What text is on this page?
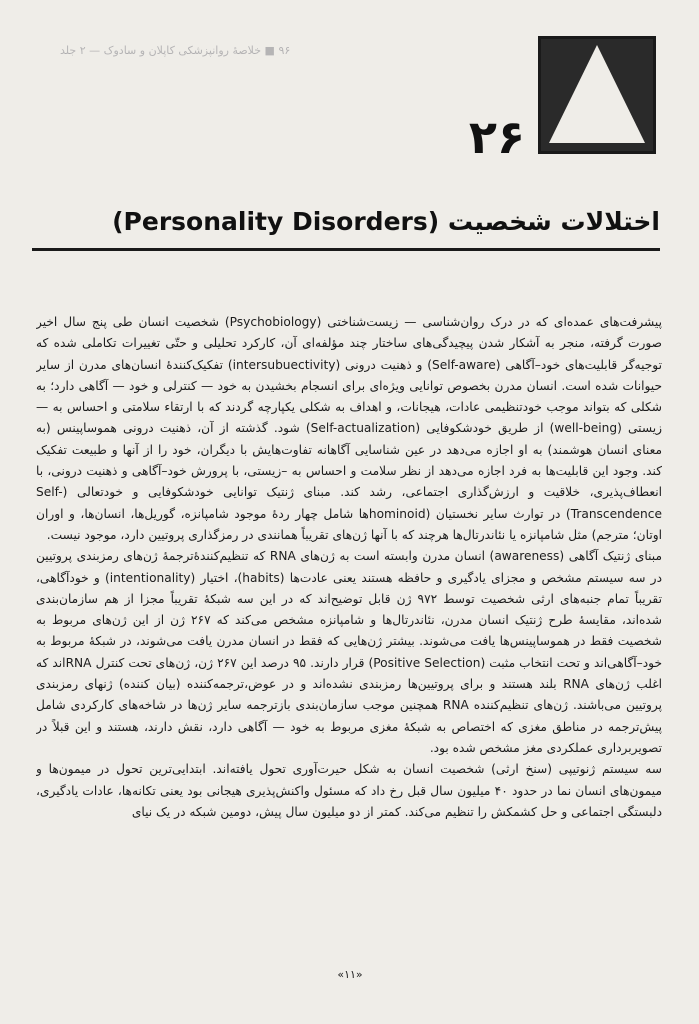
۹۶ ■ خلاصهٔ روانپزشکی کاپلان و سادوک — ۲ جلد
۲۶
اختلالات شخصیت (Personality Disorders)

پیشرفت‌های عمده‌ای که در درک روان‌شناسی — زیست‌شناختی (Psychobiology) شخصیت انسان طی پنج سال اخیر صورت گرفته، منجر به آشکار شدن پیچیدگی‌های ساختار چند مؤلفه‌ای آن، کارکرد تحلیلی و حتّی تغییرات تکاملی شده که توجیه‌گر قابلیت‌های خود–آگاهی (Self-aware) و ذهنیت درونی (intersubuectivity) تفکیک‌کنندهٔ انسان‌های مدرن از سایر حیوانات شده است. انسان مدرن بخصوص توانایی ویژه‌ای برای انسجام بخشیدن به خود — کنترلی و خود — آگاهی دارد؛ به شکلی که بتواند موجب خودتنظیمی عادات، هیجانات، و اهداف به شکلی یکپارچه گردند که با ارتقاء سلامتی و احساس به — زیستی (well-being) از طریق خودشکوفایی (Self-actualization) شود. گذشته از آن، ذهنیت درونی هموساپینس (به معنای انسان هوشمند) به او اجازه می‌دهد در عین شناسایی آگاهانه تفاوت‌هایش با دیگران، خود را از آنها و طبیعت تفکیک کند. وجود این قابلیت‌ها به فرد اجازه می‌دهد از نظر سلامت و احساس به –زیستی، با پرورش خود–آگاهی و ذهنیت درونی، با انعطاف‌پذیری، خلاقیت و ارزش‌گذاری اجتماعی، رشد کند. مبنای ژنتیک توانایی خودشکوفایی و خودتعالی (Self-Transcendence) در توارث سایر نخستیان (hominoidها شامل چهار ردهٔ موجود شامپانزه، گوریل‌ها، انسان‌ها، و اوران اوتان؛ مترجم) مثل شامپانزه یا نئاندرتال‌ها هرچند که با آنها ژن‌های تقریباً همانندی در رمزگذاری پروتیین دارد، موجود نیست.

مبنای ژنتیک آگاهی (awareness) انسان مدرن وابسته است به ژن‌های RNA که تنظیم‌کنندهٔ‌ترجمهٔ ژن‌های رمزبندی پروتیین در سه سیستم مشخص و مجزای یادگیری و حافظه هستند یعنی عادت‌ها (habits)، اختیار (intentionality) و خودآگاهی، تقریباً تمام جنبه‌های ارثی شخصیت توسط ۹۷۲ ژن قابل توضیح‌اند که در این سه شبکهٔ تقریباً مجزا از هم سازمان‌بندی شده‌اند، مقایسهٔ طرح ژنتیک انسان مدرن، نئاندرتال‌ها و شامپانزه مشخص می‌کند که ۲۶۷ ژن از این ژن‌های مربوط به شخصیت فقط در هموساپینس‌ها یافت می‌شوند. بیشتر ژن‌هایی که فقط در انسان مدرن یافت می‌شوند، در شبکهٔ مربوط به خود–آگاهی‌اند و تحت انتخاب مثبت (Positive Selection) قرار دارند. ۹۵ درصد این ۲۶۷ ژن، ژن‌های تحت کنترل RNAاند که اغلب ژن‌های RNA بلند هستند و برای پروتیین‌ها رمزبندی نشده‌اند و در عوض،ترجمه‌کننده (بیان کننده) ژنهای رمزبندی پروتیین می‌باشند. ژن‌های تنظیم‌کننده RNA همچنین موجب سازمان‌بندی بازترجمه سایر ژن‌ها در شاخه‌های کارکردی شامل پیش‌ترجمه در مناطق مغزی که اختصاص به شبکهٔ مغزی مربوط به خود — آگاهی دارد، نقش دارند، هستند و این قبلاً در تصویربرداری عملکردی مغز مشخص شده بود.

سه سیستم ژنوتیپی (سنخ ارثی) شخصیت انسان به شکل حیرت‌آوری تحول یافته‌اند. ابتدایی‌ترین تحول در میمون‌ها و میمون‌های انسان نما در حدود ۴۰ میلیون سال قبل رخ داد که مسئول واکنش‌پذیری هیجانی بود یعنی تکانه‌ها، عادات یادگیری، دلبستگی اجتماعی و حل کشمکش را تنظیم می‌کند. کمتر از دو میلیون سال پیش، دومین شبکه در یک نیای

«۱۱»
